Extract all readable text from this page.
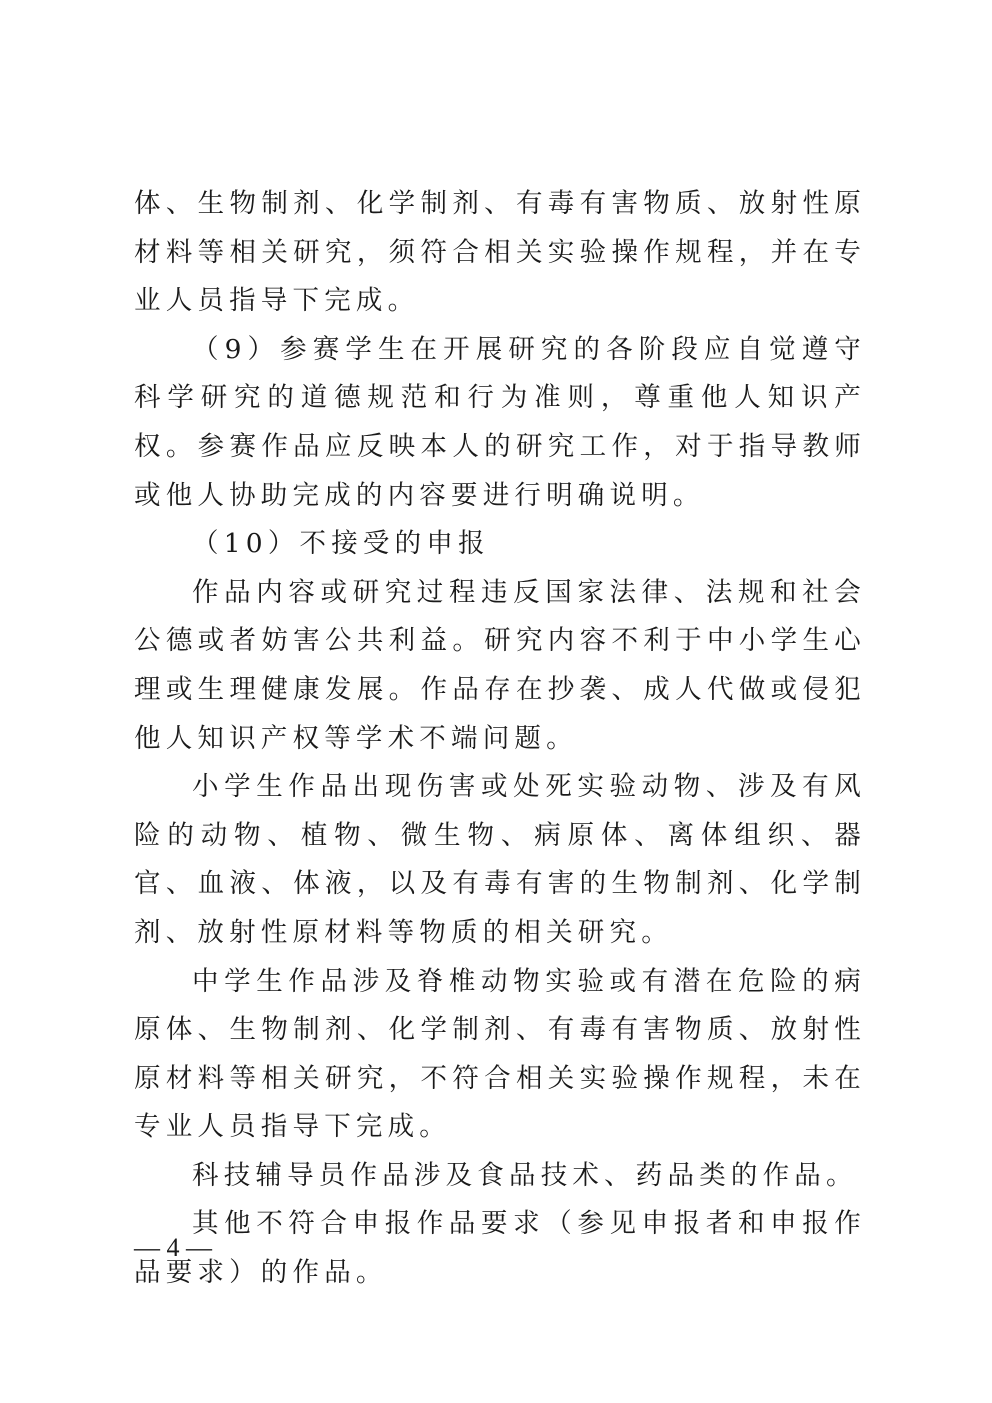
体、生物制剂、化学制剂、有毒有害物质、放射性原材料等相关研究，须符合相关实验操作规程，并在专业人员指导下完成。

（9）参赛学生在开展研究的各阶段应自觉遵守科学研究的道德规范和行为准则，尊重他人知识产权。参赛作品应反映本人的研究工作，对于指导教师或他人协助完成的内容要进行明确说明。

（10）不接受的申报

作品内容或研究过程违反国家法律、法规和社会公德或者妨害公共利益。研究内容不利于中小学生心理或生理健康发展。作品存在抄袭、成人代做或侵犯他人知识产权等学术不端问题。

小学生作品出现伤害或处死实验动物、涉及有风险的动物、植物、微生物、病原体、离体组织、器官、血液、体液，以及有毒有害的生物制剂、化学制剂、放射性原材料等物质的相关研究。

中学生作品涉及脊椎动物实验或有潜在危险的病原体、生物制剂、化学制剂、有毒有害物质、放射性原材料等相关研究，不符合相关实验操作规程，未在专业人员指导下完成。

科技辅导员作品涉及食品技术、药品类的作品。

其他不符合申报作品要求（参见申报者和申报作品要求）的作品。

— 4 —
